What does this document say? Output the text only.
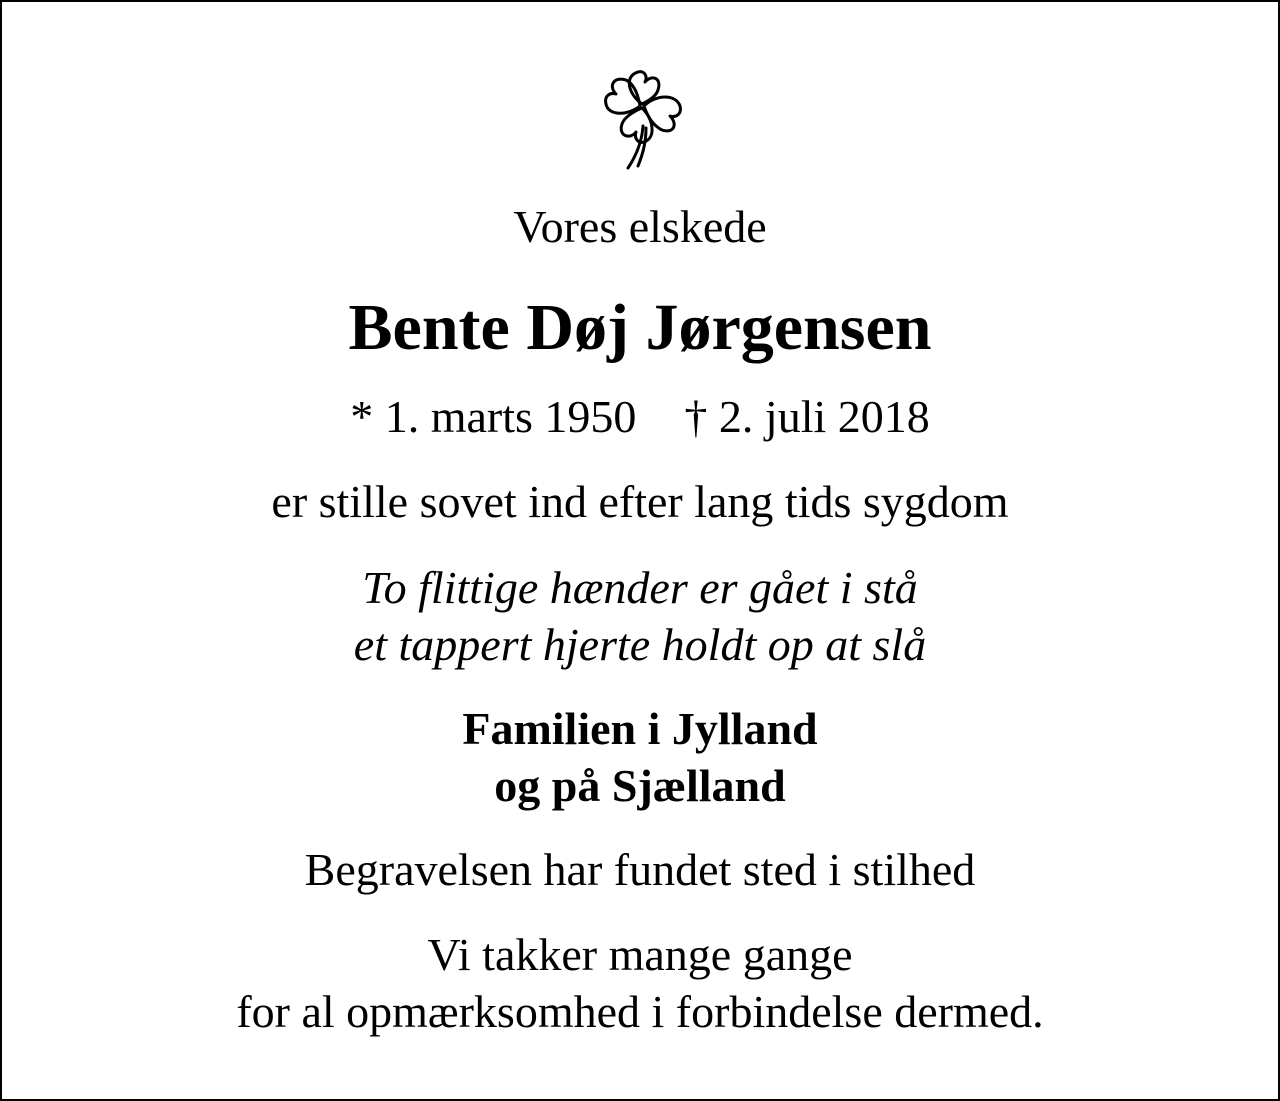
Vores elskede
Bente Døj Jørgensen
* 1. marts 1950 † 2. juli 2018
er stille sovet ind efter lang tids sygdom
To flittige hænder er gået i stå
et tappert hjerte holdt op at slå
Familien i Jylland
og på Sjælland
Begravelsen har fundet sted i stilhed
Vi takker mange gange
for al opmærksomhed i forbindelse dermed.
